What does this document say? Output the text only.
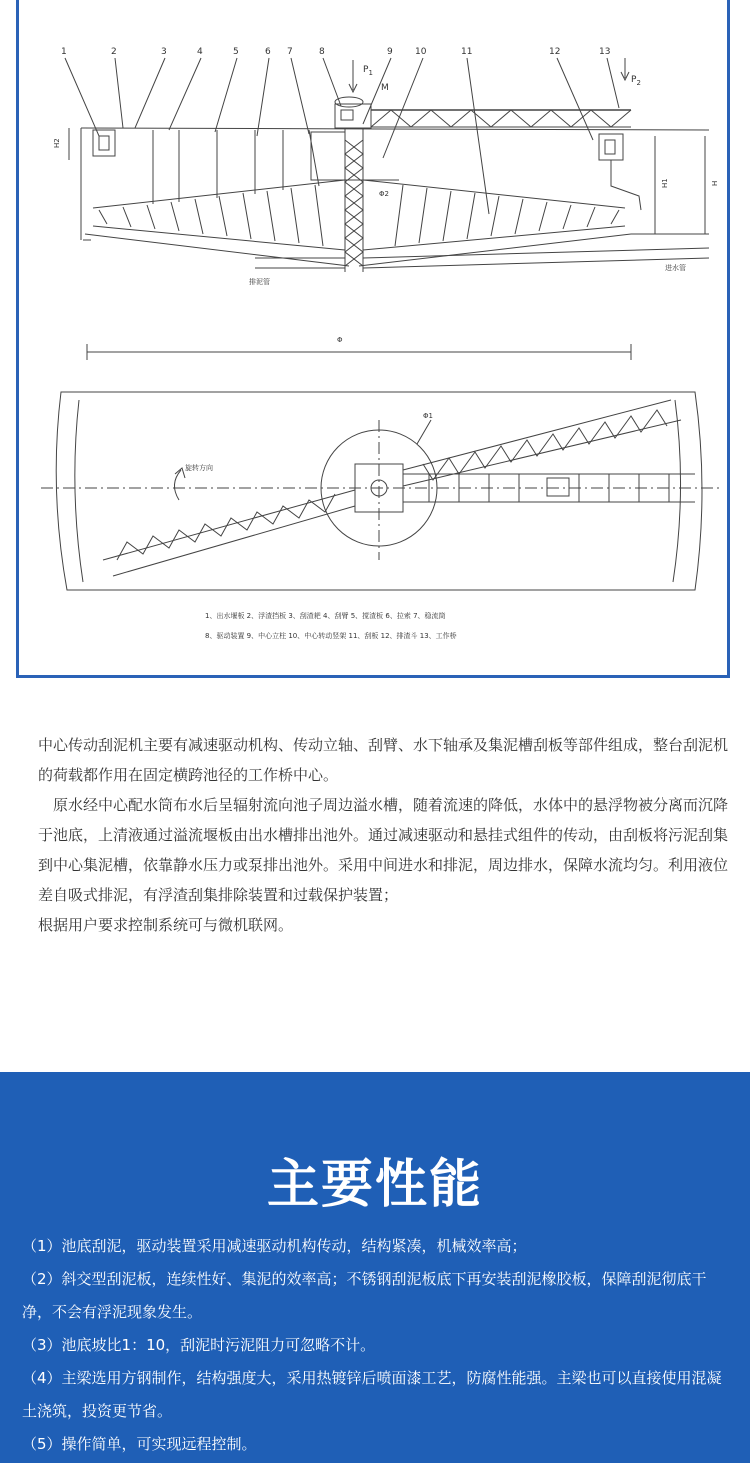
1	2	3	4	5	6 7	8	9 10	11	12	13
$P_1$
M
$P_2$
H2
H1	H
Φ2
排泥管
进水管
Φ
Φ1
旋转方向
1、出水堰板 2、浮渣挡板 3、刮渣耙 4、刮臂 5、搅渣板 6、拉索 7、稳流筒
8、驱动装置 9、中心立柱 10、中心转动竖架 11、刮板 12、排渣斗 13、工作桥

中心传动刮泥机主要有减速驱动机构、传动立轴、刮臂、水下轴承及集泥槽刮板等部件组成，整台刮泥机的荷载都作用在固定横跨池径的工作桥中心。

原水经中心配水筒布水后呈辐射流向池子周边溢水槽，随着流速的降低，水体中的悬浮物被分离而沉降于池底，上清液通过溢流堰板由出水槽排出池外。通过减速驱动和悬挂式组件的传动，由刮板将污泥刮集到中心集泥槽，依靠静水压力或泵排出池外。采用中间进水和排泥，周边排水，保障水流均匀。利用液位差自吸式排泥，有浮渣刮集排除装置和过载保护装置；

根据用户要求控制系统可与微机联网。

主要性能

（1）池底刮泥，驱动装置采用减速驱动机构传动，结构紧凑，机械效率高；

（2）斜交型刮泥板，连续性好、集泥的效率高；不锈钢刮泥板底下再安装刮泥橡胶板，保障刮泥彻底干净，不会有浮泥现象发生。

（3）池底坡比1：10，刮泥时污泥阻力可忽略不计。

（4）主梁选用方钢制作，结构强度大，采用热镀锌后喷面漆工艺，防腐性能强。主梁也可以直接使用混凝土浇筑，投资更节省。

（5）操作简单，可实现远程控制。
